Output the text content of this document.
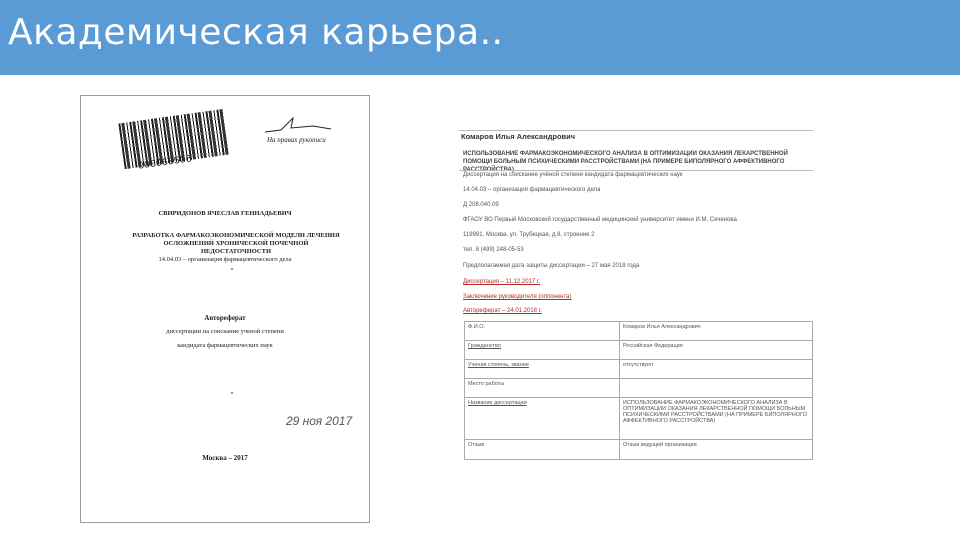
Академическая карьера..
005060506
На правах рукописи
СВИРИДОНОВ ЯЧЕСЛАВ ГЕННАДЬЕВИЧ
РАЗРАБОТКА ФАРМАКОЭКОНОМИЧЕСКОЙ МОДЕЛИ ЛЕЧЕНИЯ ОСЛОЖНЕНИЙ ХРОНИЧЕСКОЙ ПОЧЕЧНОЙ НЕДОСТАТОЧНОСТИ
14.04.03 – организация фармацевтического дела
Автореферат
диссертации на соискание ученой степени
кандидата фармацевтических наук
29 ноя 2017
Москва – 2017
Комаров Илья Александрович
ИСПОЛЬЗОВАНИЕ ФАРМАКОЭКОНОМИЧЕСКОГО АНАЛИЗА В ОПТИМИЗАЦИИ ОКАЗАНИЯ ЛЕКАРСТВЕННОЙ ПОМОЩИ БОЛЬНЫМ ПСИХИЧЕСКИМИ РАССТРОЙСТВАМИ (НА ПРИМЕРЕ БИПОЛЯРНОГО АФФЕКТИВНОГО
Диссертация на соискание учёной степени кандидата фармацевтических наук
14.04.03 – организация фармацевтического дела
Д 208.040.09
ФГАОУ ВО Первый Московский государственный медицинский университет имени И.М. Сеченова
119991, Москва, ул. Трубецкая, д.8, строение 2
тел. 8 (499) 248-05-53
Предполагаемая дата защиты диссертации – 27 мая 2018 года
Диссертация – 11.12.2017 г.
Заключение руководителя (оппонента)
Автореферат – 24.01.2018 г.
Ф.И.О.	Комаров Илья Александрович
Гражданство	Российская Федерация
Ученая степень, звание	отсутствуют
Место работы	
Название диссертации	ИСПОЛЬЗОВАНИЕ ФАРМАКОЭКОНОМИЧЕСКОГО АНАЛИЗА В ОПТИМИЗАЦИИ ОКАЗАНИЯ ЛЕКАРСТВЕННОЙ ПОМОЩИ БОЛЬНЫМ ПСИХИЧЕСКИМИ РАССТРОЙСТВАМИ (НА ПРИМЕРЕ БИПОЛЯРНОГО АФФЕКТИВНОГО РАССТРОЙСТВА)
Отзыв	Отзыв ведущей организации
